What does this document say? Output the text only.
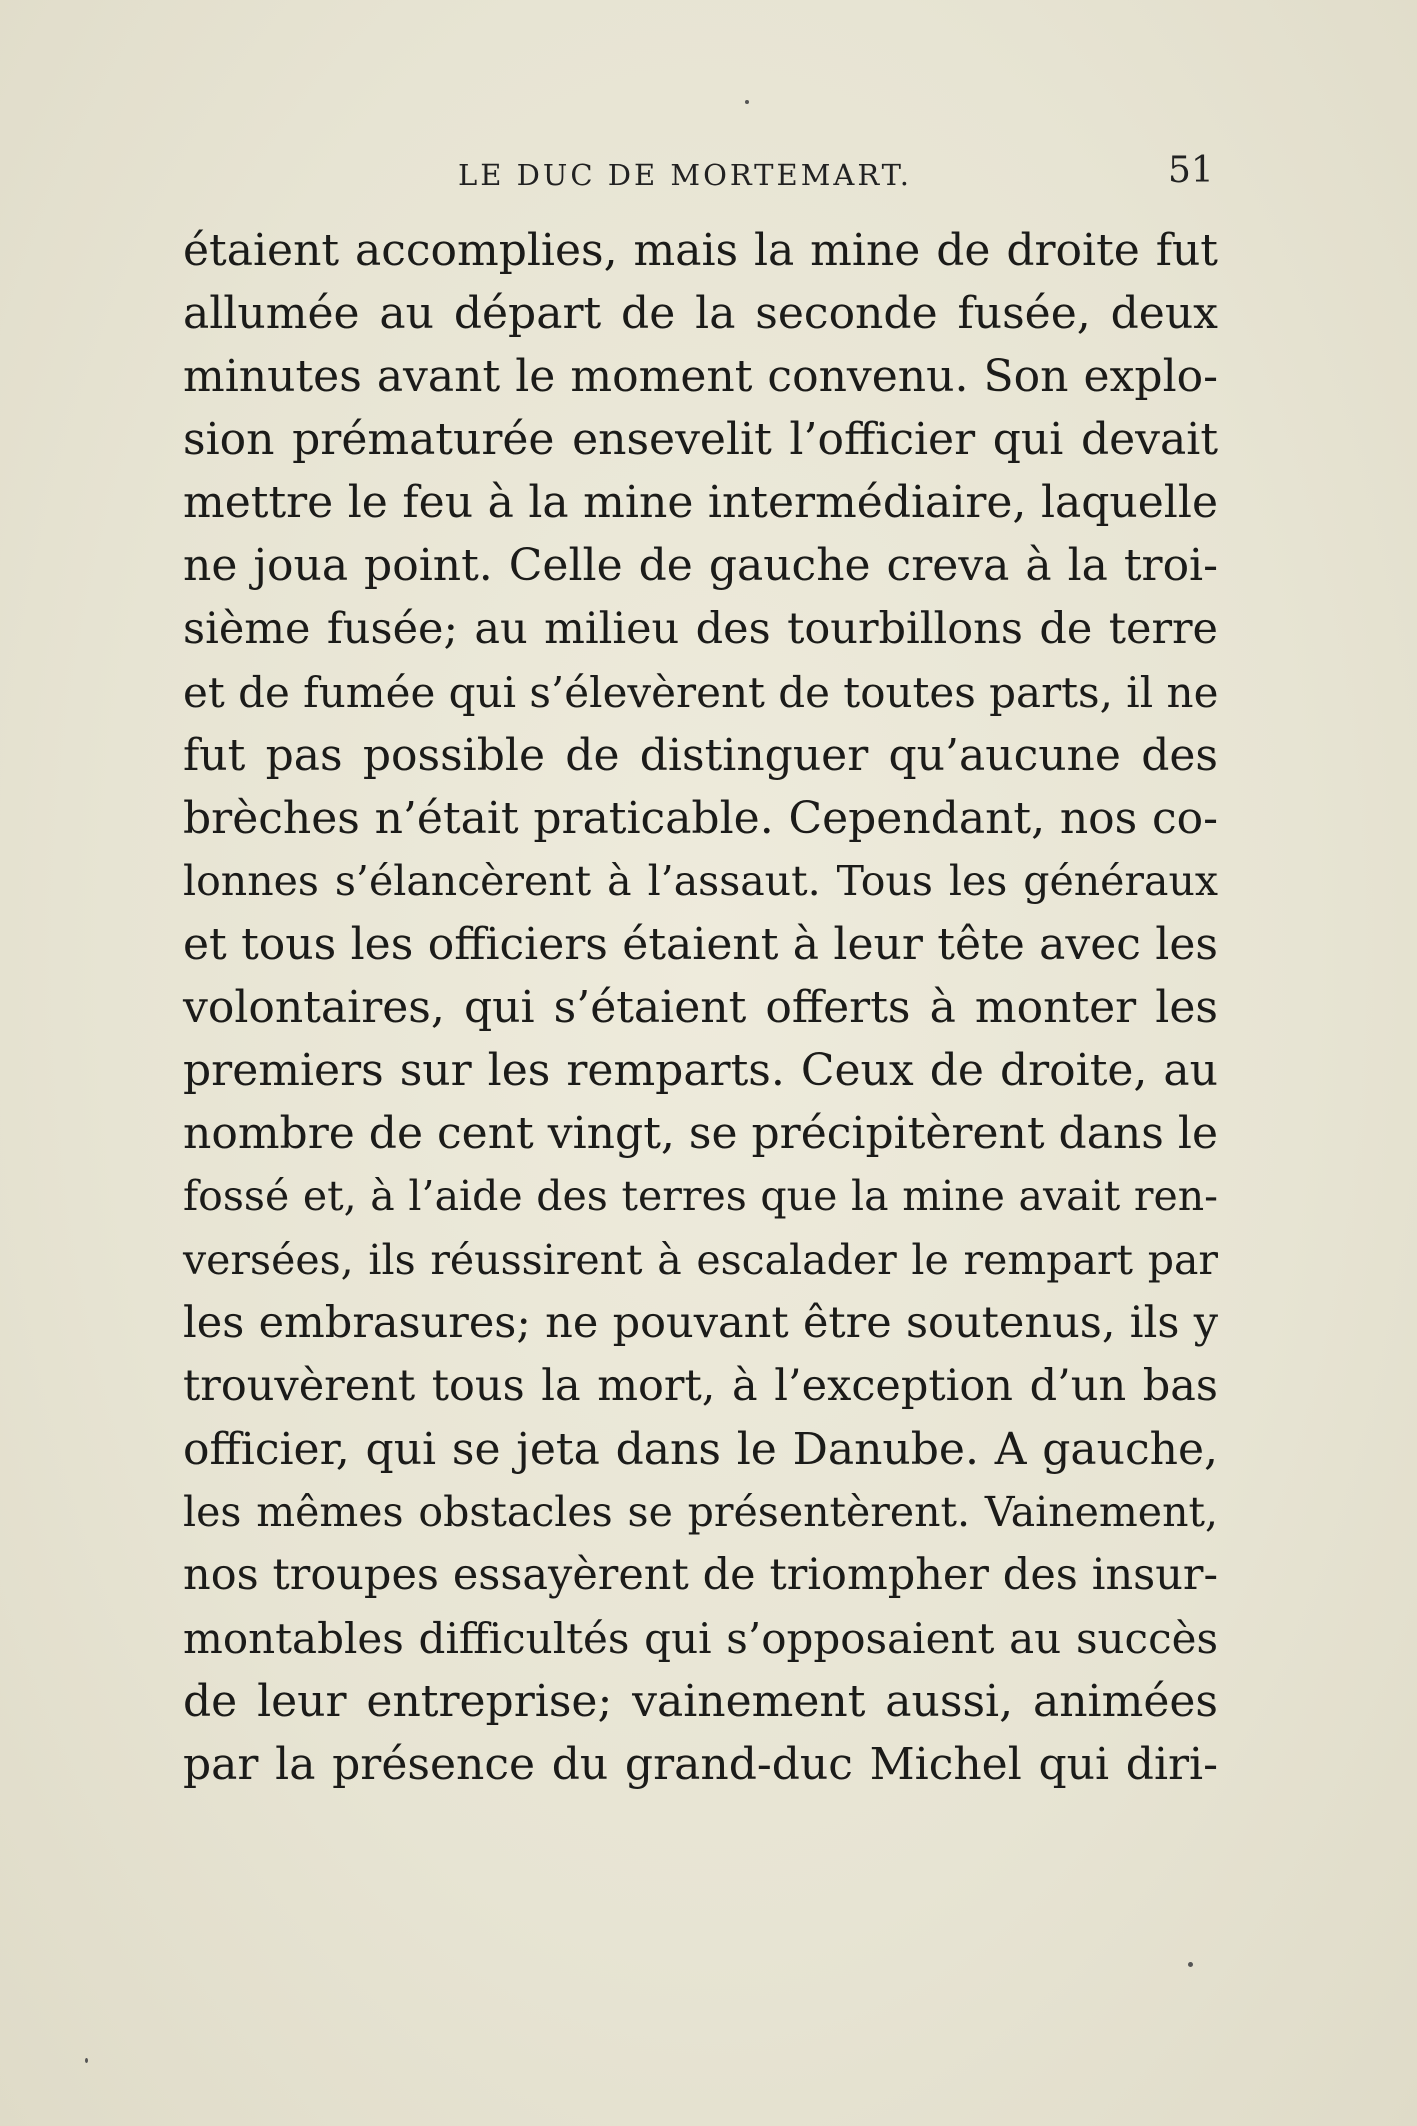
LE DUC DE MORTEMART.	51
étaient accomplies, mais la mine de droite fut
allumée au départ de la seconde fusée, deux
minutes avant le moment convenu. Son explo-
sion prématurée ensevelit l’officier qui devait
mettre le feu à la mine intermédiaire, laquelle
ne joua point. Celle de gauche creva à la troi-
sième fusée; au milieu des tourbillons de terre
et de fumée qui s’élevèrent de toutes parts, il ne
fut pas possible de distinguer qu’aucune des
brèches n’était praticable. Cependant, nos co-
lonnes s’élancèrent à l’assaut. Tous les généraux
et tous les officiers étaient à leur tête avec les
volontaires, qui s’étaient offerts à monter les
premiers sur les remparts. Ceux de droite, au
nombre de cent vingt, se précipitèrent dans le
fossé et, à l’aide des terres que la mine avait ren-
versées, ils réussirent à escalader le rempart par
les embrasures; ne pouvant être soutenus, ils y
trouvèrent tous la mort, à l’exception d’un bas
officier, qui se jeta dans le Danube. A gauche,
les mêmes obstacles se présentèrent. Vainement,
nos troupes essayèrent de triompher des insur-
montables difficultés qui s’opposaient au succès
de leur entreprise; vainement aussi, animées
par la présence du grand-duc Michel qui diri-
